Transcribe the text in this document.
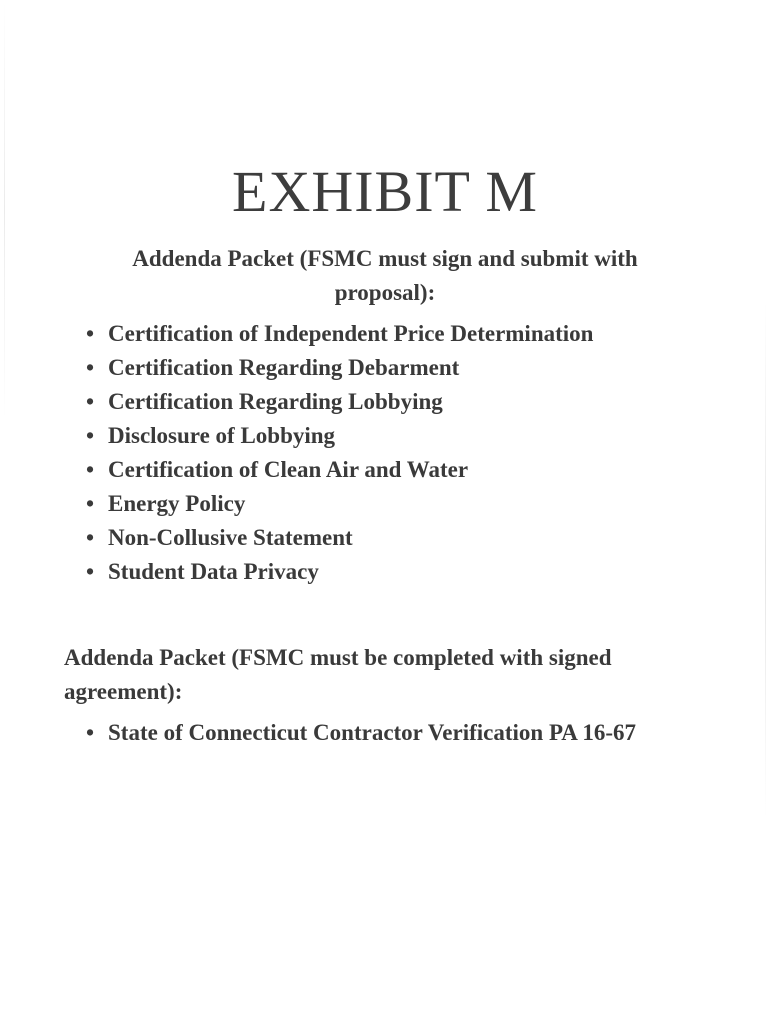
EXHIBIT M

Addenda Packet (FSMC must sign and submit with proposal):

• Certification of Independent Price Determination
• Certification Regarding Debarment
• Certification Regarding Lobbying
• Disclosure of Lobbying
• Certification of Clean Air and Water
• Energy Policy
• Non-Collusive Statement
• Student Data Privacy

Addenda Packet (FSMC must be completed with signed agreement):

• State of Connecticut Contractor Verification PA 16-67
